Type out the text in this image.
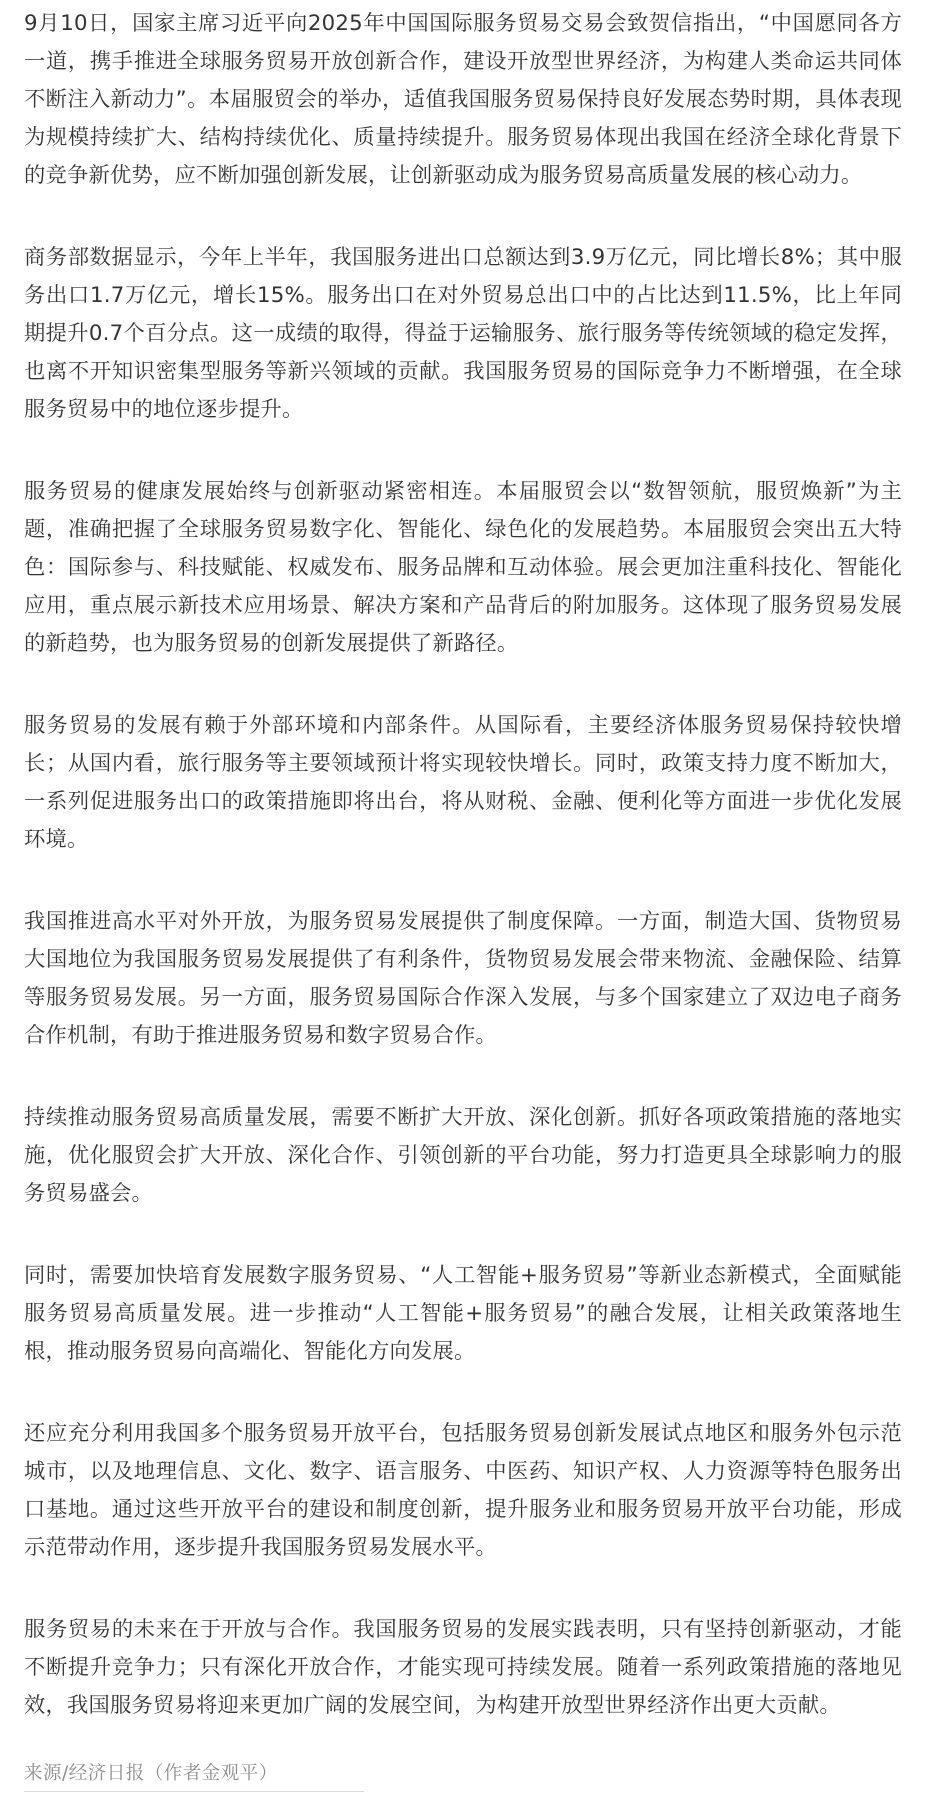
9月10日，国家主席习近平向2025年中国国际服务贸易交易会致贺信指出，“中国愿同各方一道，携手推进全球服务贸易开放创新合作，建设开放型世界经济，为构建人类命运共同体不断注入新动力”。本届服贸会的举办，适值我国服务贸易保持良好发展态势时期，具体表现为规模持续扩大、结构持续优化、质量持续提升。服务贸易体现出我国在经济全球化背景下的竞争新优势，应不断加强创新发展，让创新驱动成为服务贸易高质量发展的核心动力。

商务部数据显示，今年上半年，我国服务进出口总额达到3.9万亿元，同比增长8%；其中服务出口1.7万亿元，增长15%。服务出口在对外贸易总出口中的占比达到11.5%，比上年同期提升0.7个百分点。这一成绩的取得，得益于运输服务、旅行服务等传统领域的稳定发挥，也离不开知识密集型服务等新兴领域的贡献。我国服务贸易的国际竞争力不断增强，在全球服务贸易中的地位逐步提升。

服务贸易的健康发展始终与创新驱动紧密相连。本届服贸会以“数智领航，服贸焕新”为主题，准确把握了全球服务贸易数字化、智能化、绿色化的发展趋势。本届服贸会突出五大特色：国际参与、科技赋能、权威发布、服务品牌和互动体验。展会更加注重科技化、智能化应用，重点展示新技术应用场景、解决方案和产品背后的附加服务。这体现了服务贸易发展的新趋势，也为服务贸易的创新发展提供了新路径。

服务贸易的发展有赖于外部环境和内部条件。从国际看，主要经济体服务贸易保持较快增长；从国内看，旅行服务等主要领域预计将实现较快增长。同时，政策支持力度不断加大，一系列促进服务出口的政策措施即将出台，将从财税、金融、便利化等方面进一步优化发展环境。

我国推进高水平对外开放，为服务贸易发展提供了制度保障。一方面，制造大国、货物贸易大国地位为我国服务贸易发展提供了有利条件，货物贸易发展会带来物流、金融保险、结算等服务贸易发展。另一方面，服务贸易国际合作深入发展，与多个国家建立了双边电子商务合作机制，有助于推进服务贸易和数字贸易合作。

持续推动服务贸易高质量发展，需要不断扩大开放、深化创新。抓好各项政策措施的落地实施，优化服贸会扩大开放、深化合作、引领创新的平台功能，努力打造更具全球影响力的服务贸易盛会。

同时，需要加快培育发展数字服务贸易、“人工智能+服务贸易”等新业态新模式，全面赋能服务贸易高质量发展。进一步推动“人工智能+服务贸易”的融合发展，让相关政策落地生根，推动服务贸易向高端化、智能化方向发展。

还应充分利用我国多个服务贸易开放平台，包括服务贸易创新发展试点地区和服务外包示范城市，以及地理信息、文化、数字、语言服务、中医药、知识产权、人力资源等特色服务出口基地。通过这些开放平台的建设和制度创新，提升服务业和服务贸易开放平台功能，形成示范带动作用，逐步提升我国服务贸易发展水平。

服务贸易的未来在于开放与合作。我国服务贸易的发展实践表明，只有坚持创新驱动，才能不断提升竞争力；只有深化开放合作，才能实现可持续发展。随着一系列政策措施的落地见效，我国服务贸易将迎来更加广阔的发展空间，为构建开放型世界经济作出更大贡献。

来源/经济日报（作者金观平）
